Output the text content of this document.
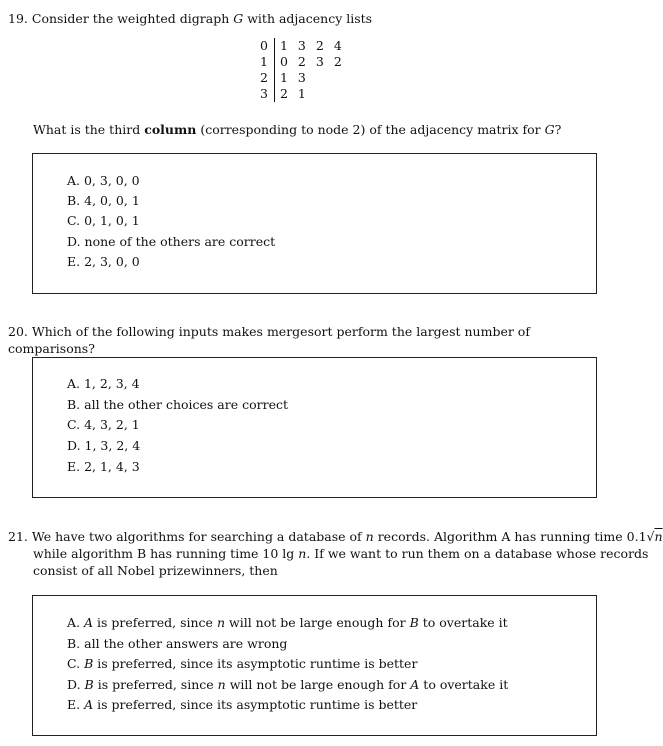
19. Consider the weighted digraph G with adjacency lists
0	1	3	2	4
1	0	2	3	2
2	1	3		
3	2	1		
What is the third column (corresponding to node 2) of the adjacency matrix for G?
A. 0, 3, 0, 0
B. 4, 0, 0, 1
C. 0, 1, 0, 1
D. none of the others are correct
E. 2, 3, 0, 0
20. Which of the following inputs makes mergesort perform the largest number of comparisons?
A. 1, 2, 3, 4
B. all the other choices are correct
C. 4, 3, 2, 1
D. 1, 3, 2, 4
E. 2, 1, 4, 3
21. We have two algorithms for searching a database of n records. Algorithm A has running time 0.1√n
while algorithm B has running time 10 lg n. If we want to run them on a database whose records
consist of all Nobel prizewinners, then
A. A is preferred, since n will not be large enough for B to overtake it
B. all the other answers are wrong
C. B is preferred, since its asymptotic runtime is better
D. B is preferred, since n will not be large enough for A to overtake it
E. A is preferred, since its asymptotic runtime is better
